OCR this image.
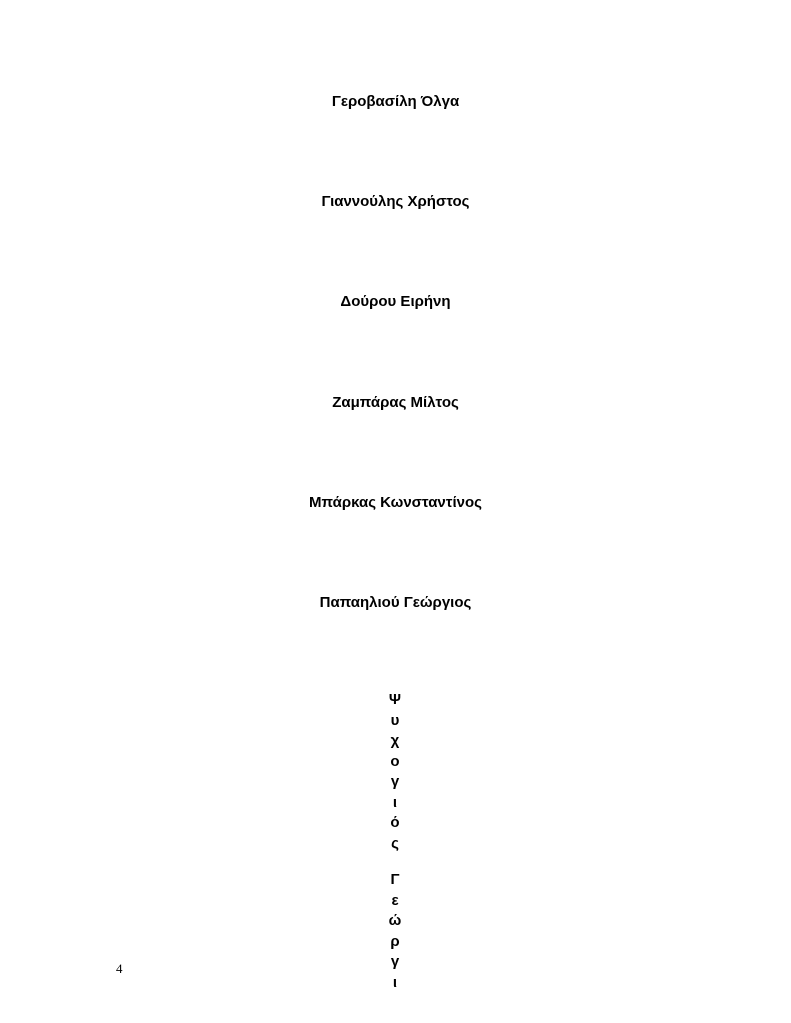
Γεροβασίλη Όλγα
Γιαννούλης Χρήστος
Δούρου Ειρήνη
Ζαμπάρας Μίλτος
Μπάρκας Κωνσταντίνος
Παπαηλιού Γεώργιος
Ψ
υ
χ
ο
γ
ι
ό
ς
Γ
ε
ώ
ρ
γ
ι
4
